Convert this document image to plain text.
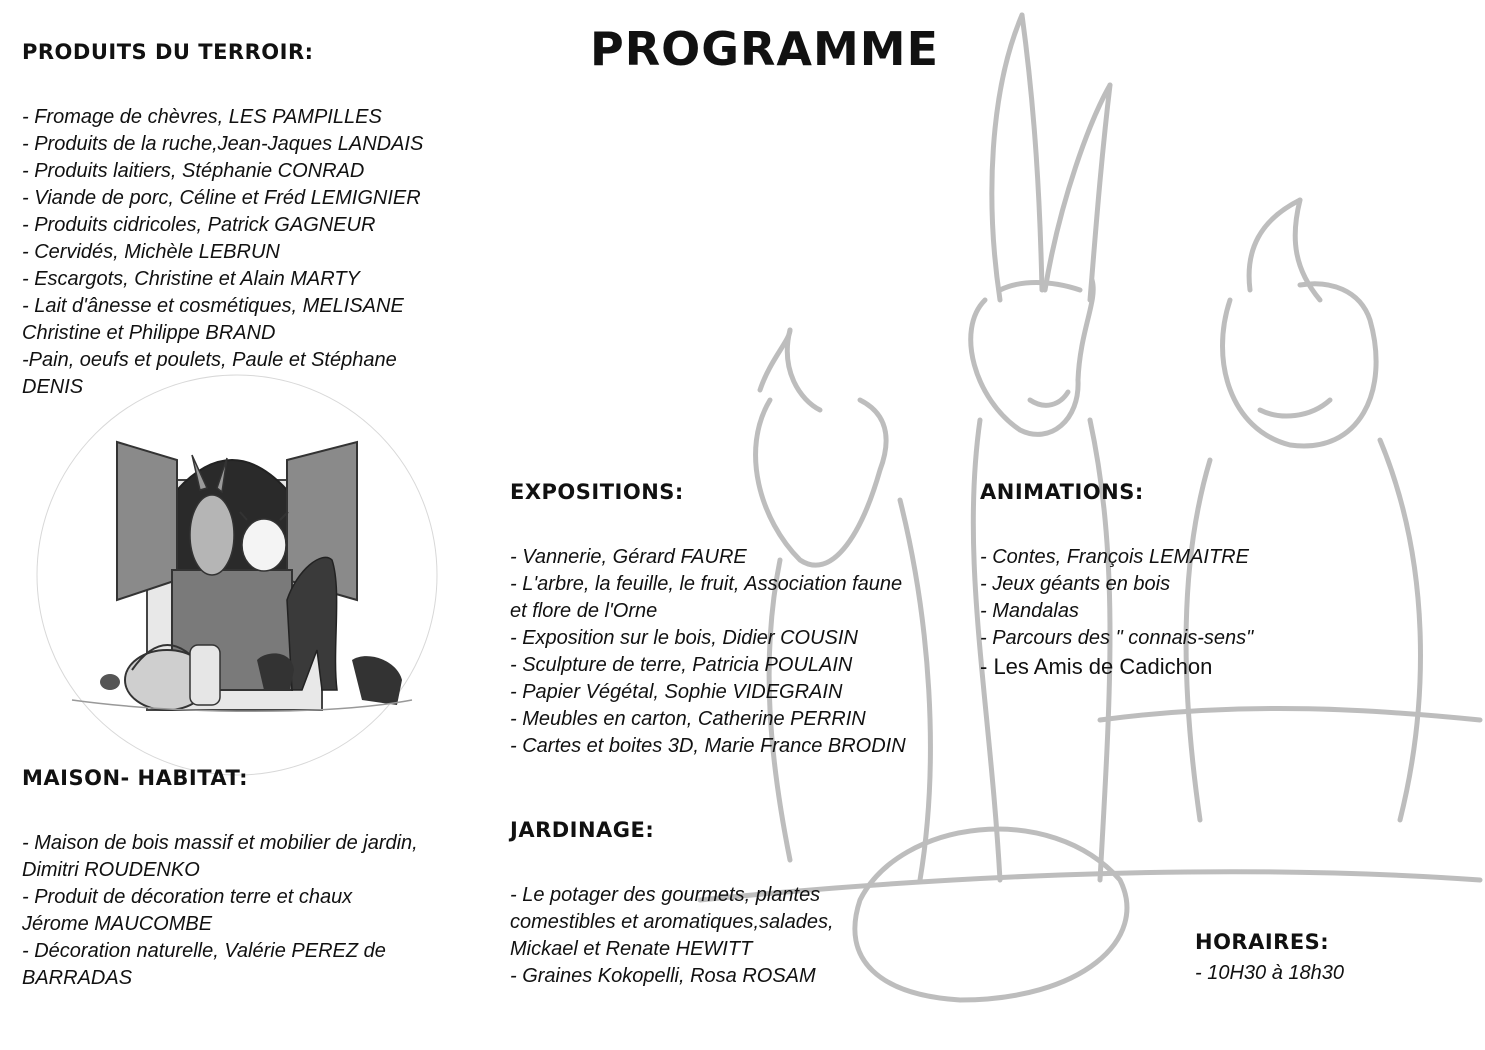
PROGRAMME
PRODUITS DU TERROIR:
- Fromage de chèvres, LES PAMPILLES
- Produits de la ruche,Jean-Jaques LANDAIS
- Produits laitiers, Stéphanie CONRAD
- Viande de porc, Céline et Fréd LEMIGNIER
- Produits cidricoles, Patrick GAGNEUR
- Cervidés, Michèle LEBRUN
- Escargots, Christine et Alain MARTY
- Lait d'ânesse et cosmétiques, MELISANE
Christine et Philippe BRAND
-Pain, oeufs et poulets, Paule et Stéphane
DENIS
MAISON- HABITAT:
- Maison de bois massif et mobilier de jardin,
Dimitri ROUDENKO
- Produit de décoration terre et chaux
Jérome MAUCOMBE
- Décoration naturelle, Valérie PEREZ de
BARRADAS
EXPOSITIONS:
- Vannerie, Gérard FAURE
- L'arbre, la feuille, le fruit, Association faune
et flore de l'Orne
- Exposition sur le bois, Didier COUSIN
- Sculpture de terre, Patricia POULAIN
- Papier Végétal, Sophie VIDEGRAIN
- Meubles en carton, Catherine PERRIN
- Cartes et boites 3D, Marie France BRODIN
JARDINAGE:
- Le potager des gourmets, plantes
comestibles et aromatiques,salades,
Mickael et Renate HEWITT
- Graines Kokopelli, Rosa ROSAM
ANIMATIONS:
- Contes, François LEMAITRE
- Jeux géants en bois
- Mandalas
- Parcours des " connais-sens"
- Les Amis de Cadichon
HORAIRES:
- 10H30 à 18h30
